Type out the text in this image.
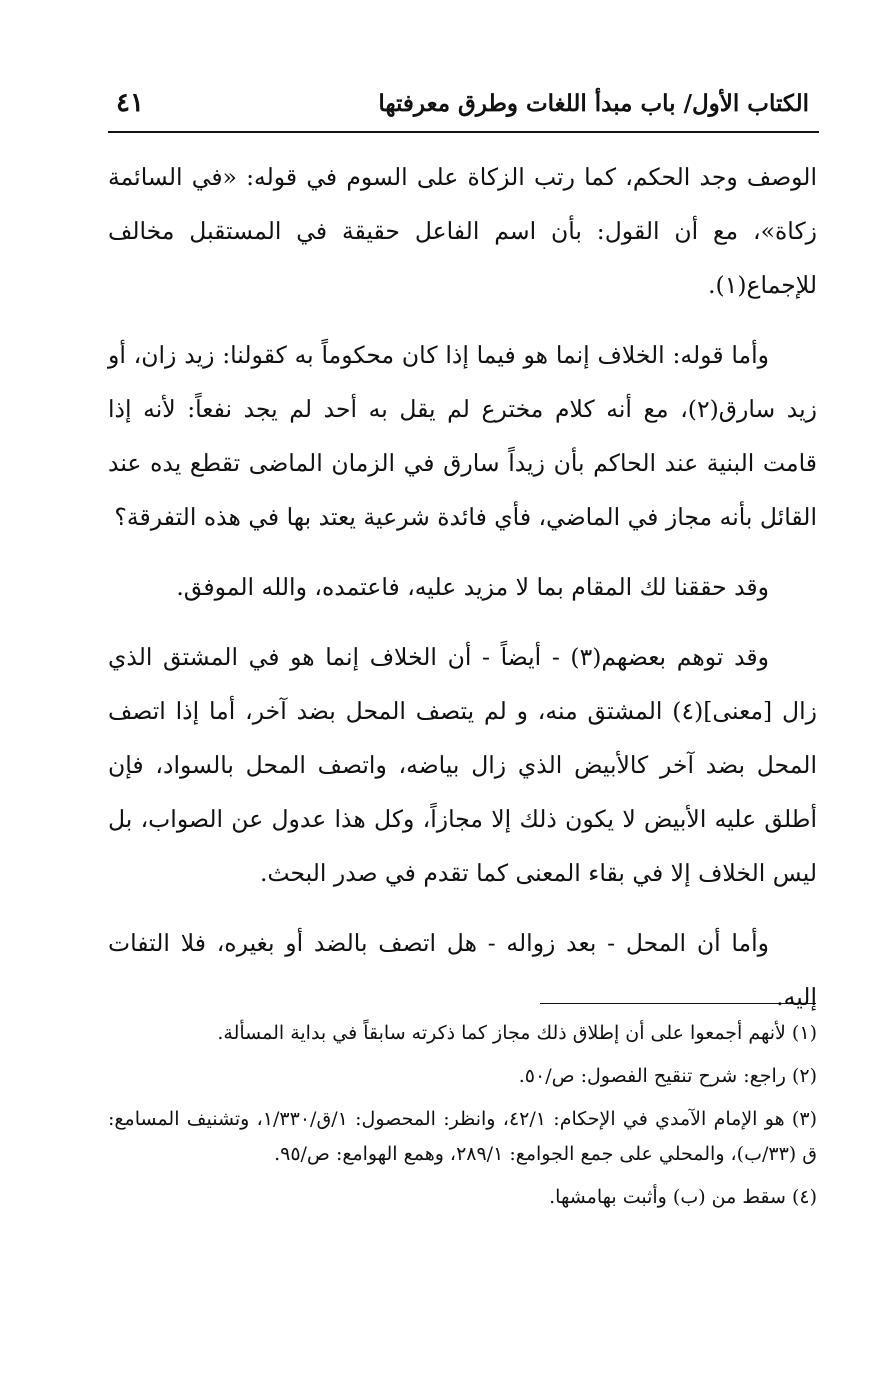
الكتاب الأول/ باب مبدأ اللغات وطرق معرفتها
٤١

الوصف وجد الحكم، كما رتب الزكاة على السوم في قوله: «في السائمة زكاة»، مع أن القول: بأن اسم الفاعل حقيقة في المستقبل مخالف للإجماع(١).

وأما قوله: الخلاف إنما هو فيما إذا كان محكوماً به كقولنا: زيد زان، أو زيد سارق(٢)، مع أنه كلام مخترع لم يقل به أحد لم يجد نفعاً: لأنه إذا قامت البنية عند الحاكم بأن زيداً سارق في الزمان الماضى تقطع يده عند القائل بأنه مجاز في الماضي، فأي فائدة شرعية يعتد بها في هذه التفرقة؟

وقد حققنا لك المقام بما لا مزيد عليه، فاعتمده، والله الموفق.

وقد توهم بعضهم(٣) - أيضاً - أن الخلاف إنما هو في المشتق الذي زال [معنى](٤) المشتق منه، و لم يتصف المحل بضد آخر، أما إذا اتصف المحل بضد آخر كالأبيض الذي زال بياضه، واتصف المحل بالسواد، فإن أطلق عليه الأبيض لا يكون ذلك إلا مجازاً، وكل هذا عدول عن الصواب، بل ليس الخلاف إلا في بقاء المعنى كما تقدم في صدر البحث.

وأما أن المحل - بعد زواله - هل اتصف بالضد أو بغيره، فلا التفات إليه.

(١) لأنهم أجمعوا على أن إطلاق ذلك مجاز كما ذكرته سابقاً في بداية المسألة.

(٢) راجع: شرح تنقيح الفصول: ص/٥٠.

(٣) هو الإمام الآمدي في الإحكام: ٤٢/١، وانظر: المحصول: ١/ق/١/٣٣٠، وتشنيف المسامع: ق (٣٣/ب)، والمحلي على جمع الجوامع: ٢٨٩/١، وهمع الهوامع: ص/٩٥.

(٤) سقط من (ب) وأثبت بهامشها.
